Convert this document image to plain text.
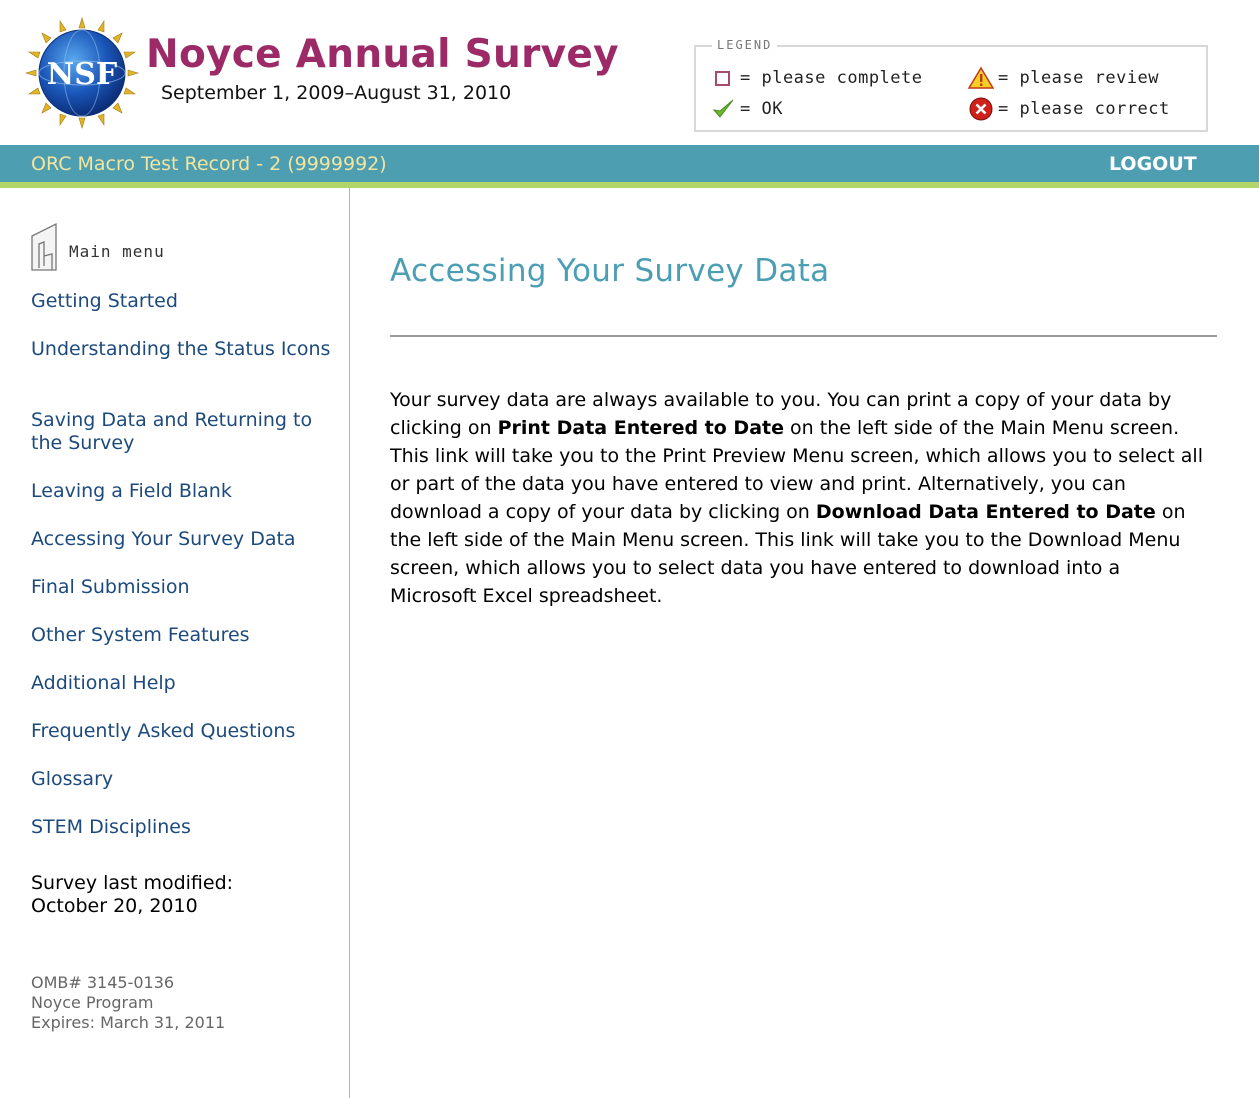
NSF Noyce Annual Survey
September 1, 2009–August 31, 2010
LEGEND
= please complete
= OK
= please review
= please correct
ORC Macro Test Record - 2 (9999992)	LOGOUT
Main menu
Getting Started
Understanding the Status Icons
Saving Data and Returning to the Survey
Leaving a Field Blank
Accessing Your Survey Data
Final Submission
Other System Features
Additional Help
Frequently Asked Questions
Glossary
STEM Disciplines
Survey last modified:
October 20, 2010
OMB# 3145-0136
Noyce Program
Expires: March 31, 2011
Accessing Your Survey Data

Your survey data are always available to you. You can print a copy of your data by clicking on Print Data Entered to Date on the left side of the Main Menu screen. This link will take you to the Print Preview Menu screen, which allows you to select all or part of the data you have entered to view and print. Alternatively, you can download a copy of your data by clicking on Download Data Entered to Date on the left side of the Main Menu screen. This link will take you to the Download Menu screen, which allows you to select data you have entered to download into a Microsoft Excel spreadsheet.
